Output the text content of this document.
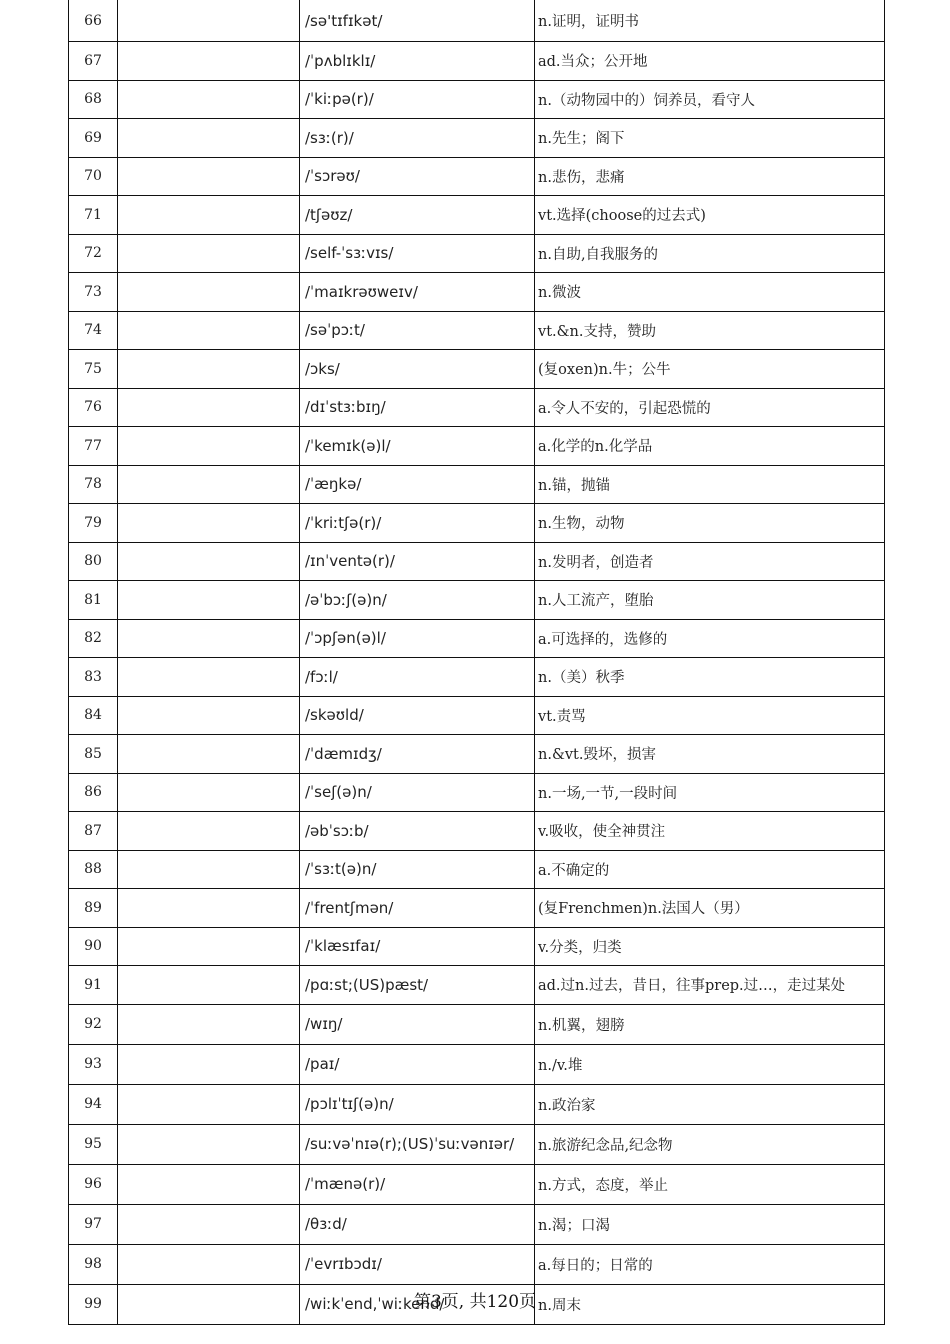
66		/sə'tɪfɪkət/	n.证明，证明书
67		/ˈpʌblɪklɪ/	ad.当众；公开地
68		/ˈkiːpə(r)/	n.（动物园中的）饲养员，看守人
69		/sɜː(r)/	n.先生；阁下
70		/ˈsɔrəʊ/	n.悲伤，悲痛
71		/tʃəʊz/	vt.选择(choose的过去式)
72		/self-ˈsɜːvɪs/	n.自助,自我服务的
73		/ˈmaɪkrəʊweɪv/	n.微波
74		/səˈpɔːt/	vt.&n.支持，赞助
75		/ɔks/	(复oxen)n.牛；公牛
76		/dɪˈstɜːbɪŋ/	a.令人不安的，引起恐慌的
77		/ˈkemɪk(ə)l/	a.化学的n.化学品
78		/ˈæŋkə/	n.锚，抛锚
79		/ˈkriːtʃə(r)/	n.生物，动物
80		/ɪnˈventə(r)/	n.发明者，创造者
81		/əˈbɔːʃ(ə)n/	n.人工流产，堕胎
82		/ˈɔpʃən(ə)l/	a.可选择的，选修的
83		/fɔːl/	n.（美）秋季
84		/skəʊld/	vt.责骂
85		/ˈdæmɪdʒ/	n.&vt.毁坏，损害
86		/ˈseʃ(ə)n/	n.一场,一节,一段时间
87		/əbˈsɔːb/	v.吸收，使全神贯注
88		/ˈsɜːt(ə)n/	a.不确定的
89		/ˈfrentʃmən/	(复Frenchmen)n.法国人（男）
90		/ˈklæsɪfaɪ/	v.分类，归类
91		/pɑːst;(US)pæst/	ad.过n.过去，昔日，往事prep.过…，走过某处
92		/wɪŋ/	n.机翼，翅膀
93		/paɪ/	n./v.堆
94		/pɔlɪˈtɪʃ(ə)n/	n.政治家
95		/suːvəˈnɪə(r);(US)ˈsuːvənɪər/	n.旅游纪念品,纪念物
96		/ˈmænə(r)/	n.方式，态度，举止
97		/θɜːd/	n.渴；口渴
98		/ˈevrɪbɔdɪ/	a.每日的；日常的
99		/wiːkˈend,ˈwiːkend/	n.周末
第3页, 共120页
